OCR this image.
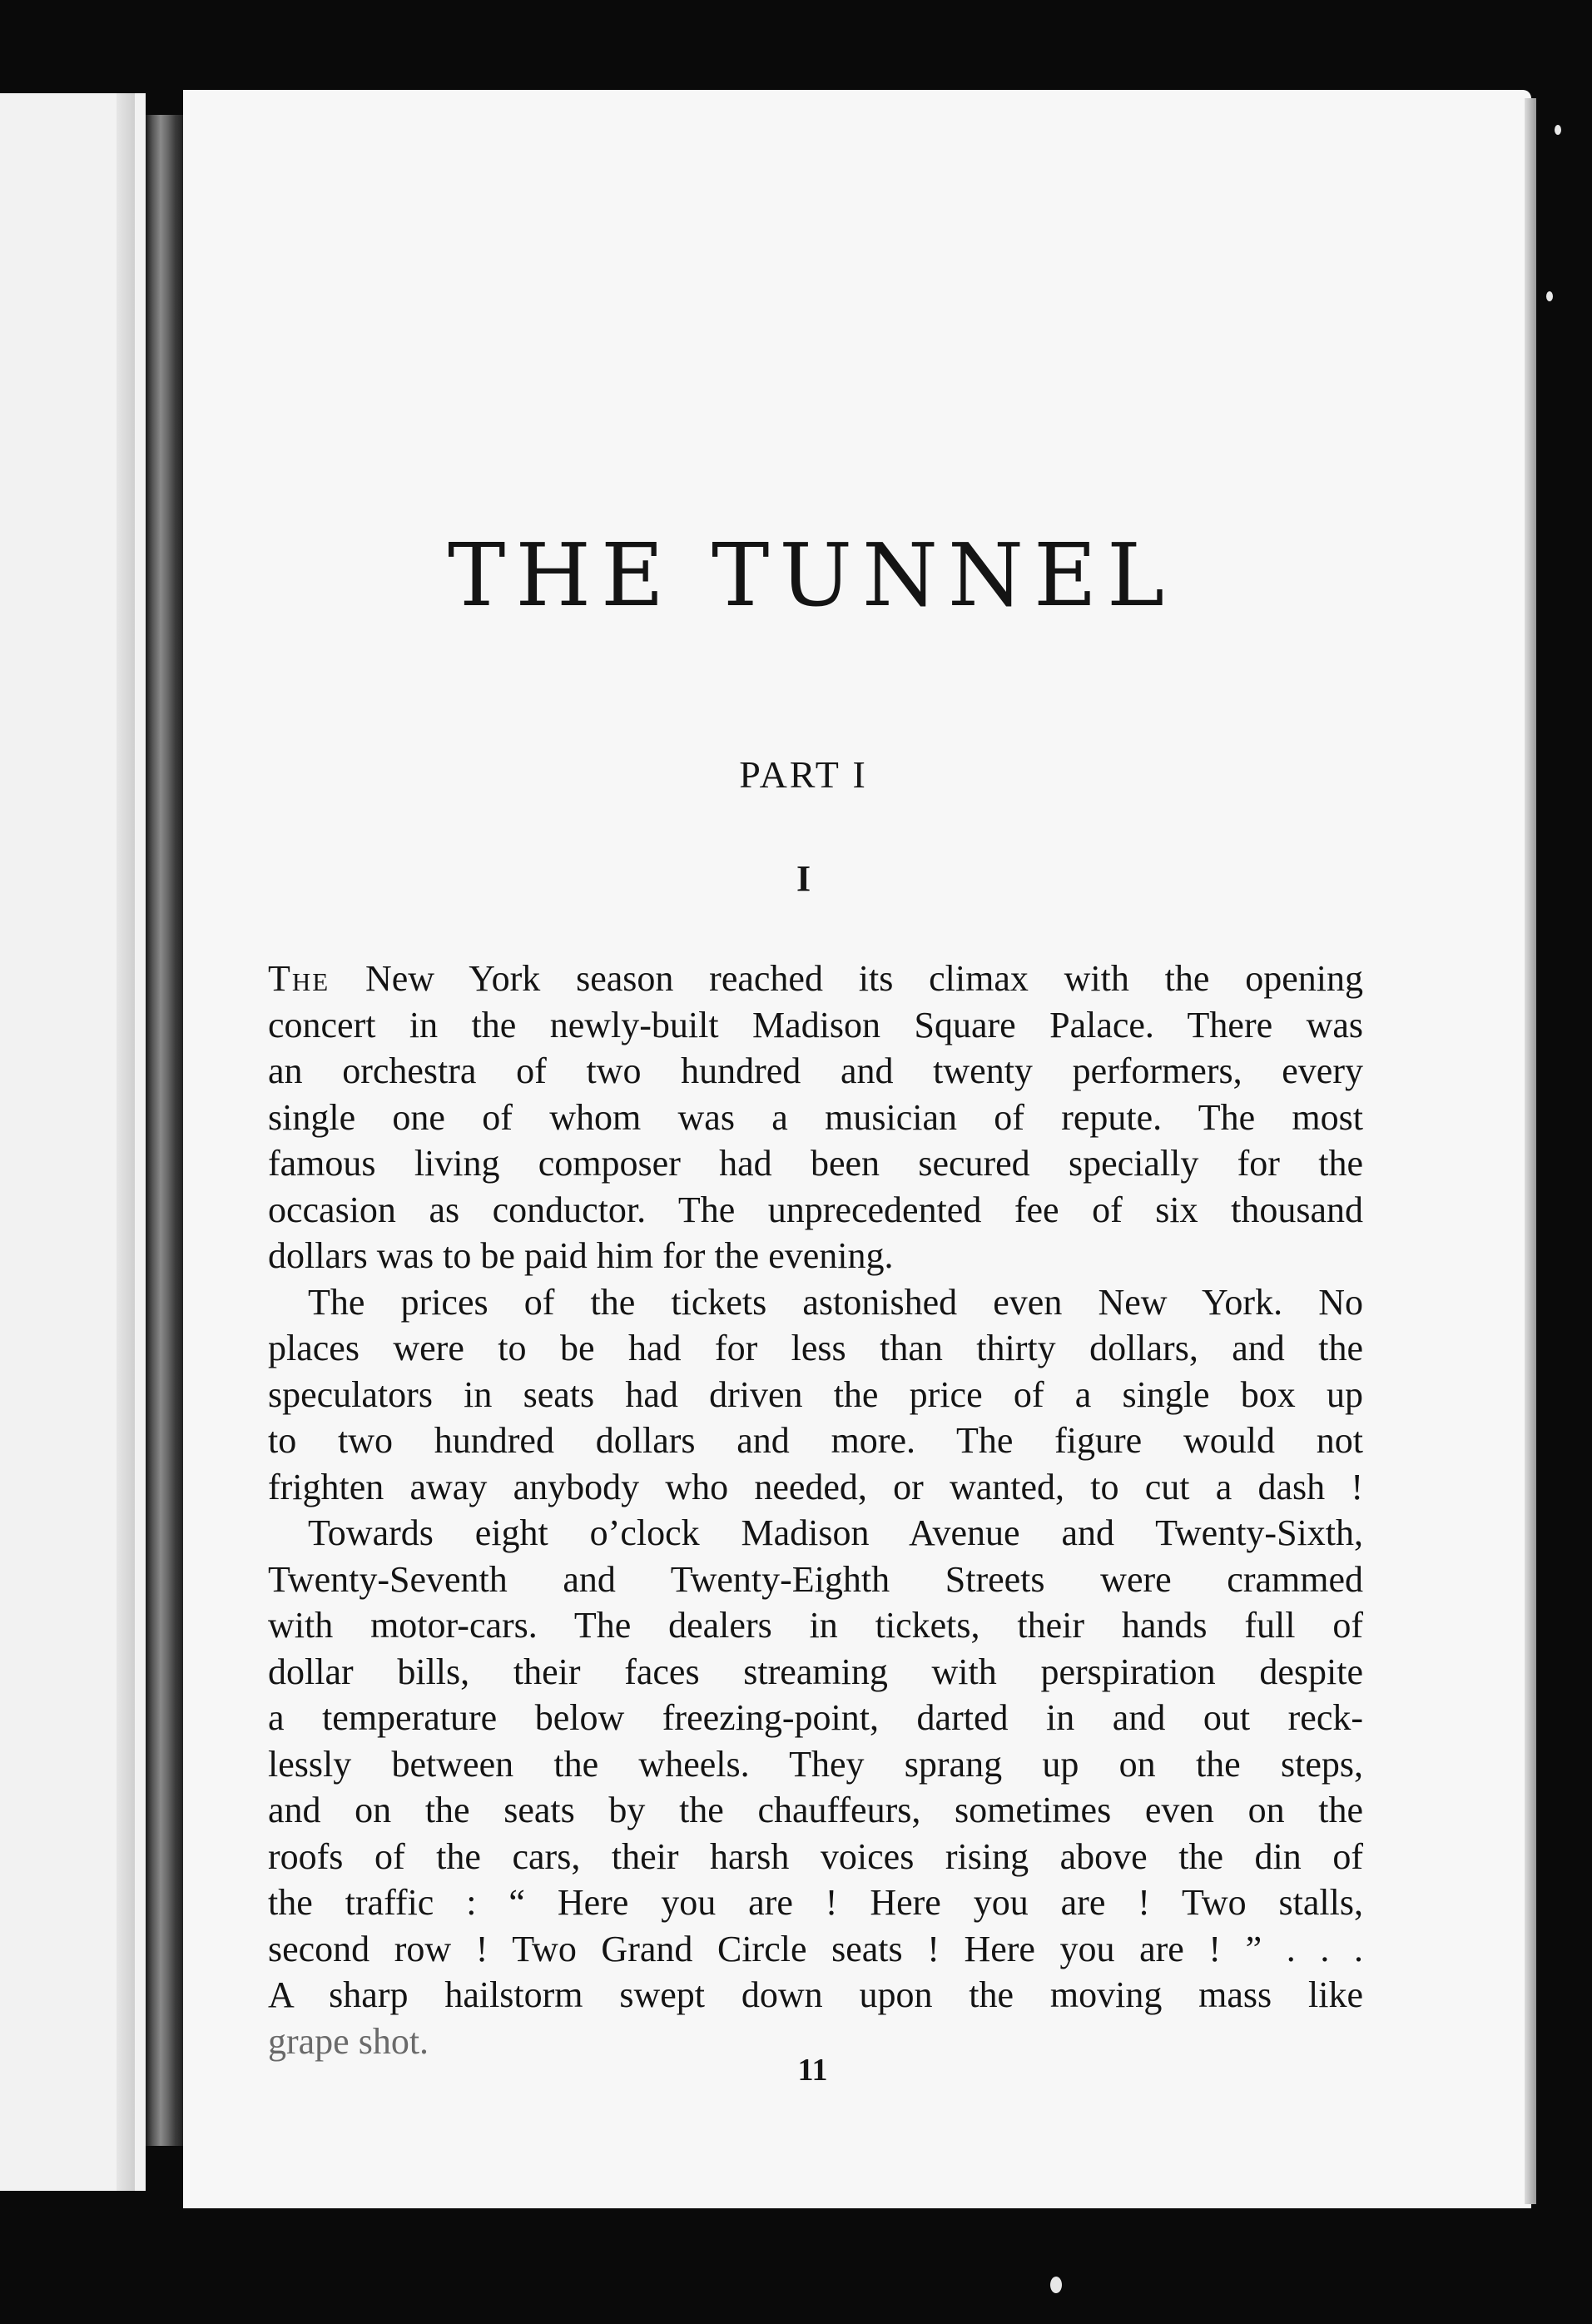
THE TUNNEL
PART I
I
The New York season reached its climax with the opening
concert in the newly-built Madison Square Palace. There was
an orchestra of two hundred and twenty performers, every
single one of whom was a musician of repute. The most
famous living composer had been secured specially for the
occasion as conductor. The unprecedented fee of six thousand
dollars was to be paid him for the evening.
The prices of the tickets astonished even New York. No
places were to be had for less than thirty dollars, and the
speculators in seats had driven the price of a single box up
to two hundred dollars and more. The figure would not
frighten away anybody who needed, or wanted, to cut a dash !
Towards eight o’clock Madison Avenue and Twenty-Sixth,
Twenty-Seventh and Twenty-Eighth Streets were crammed
with motor-cars. The dealers in tickets, their hands full of
dollar bills, their faces streaming with perspiration despite
a temperature below freezing-point, darted in and out reck-
lessly between the wheels. They sprang up on the steps,
and on the seats by the chauffeurs, sometimes even on the
roofs of the cars, their harsh voices rising above the din of
the traffic : “ Here you are ! Here you are ! Two stalls,
second row ! Two Grand Circle seats ! Here you are ! ” . . .
A sharp hailstorm swept down upon the moving mass like
grape shot.
11
